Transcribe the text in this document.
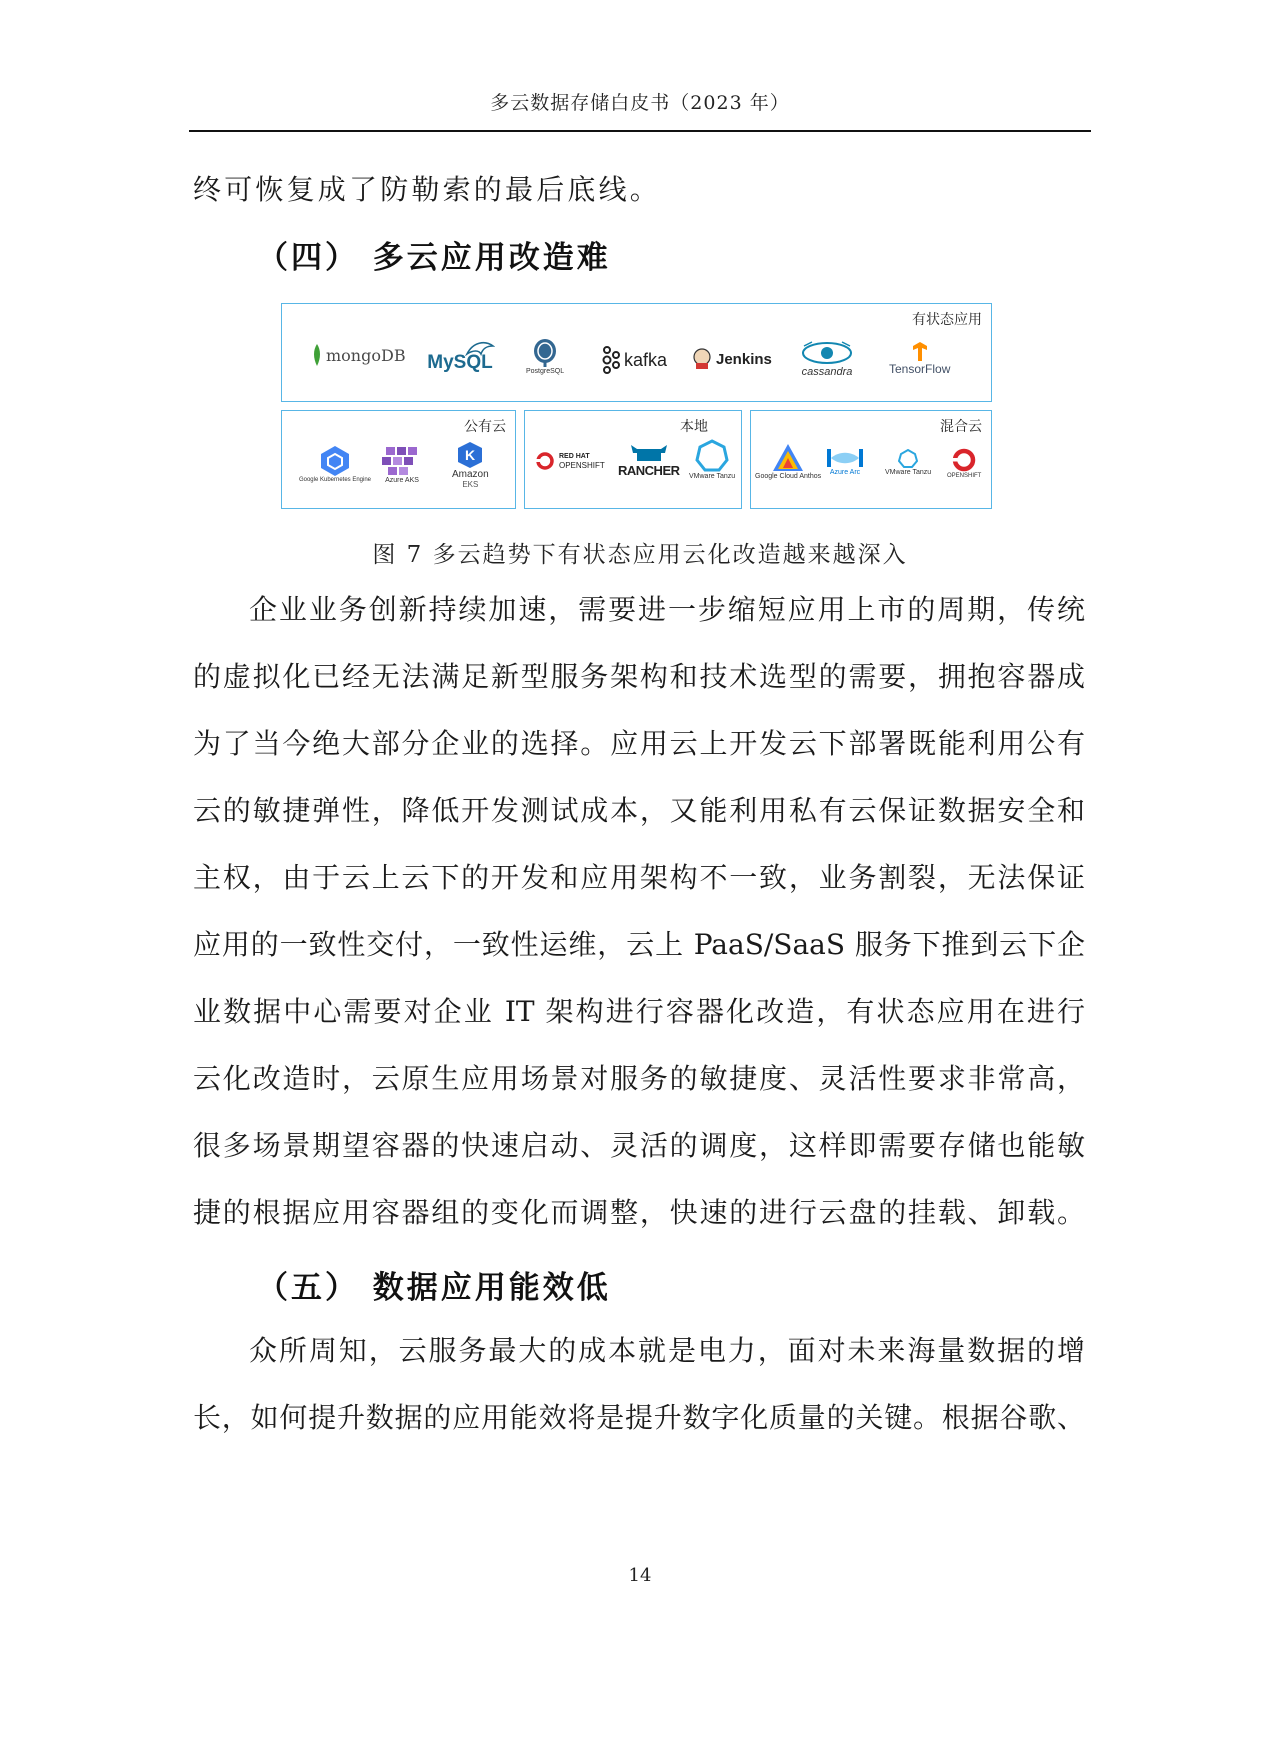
多云数据存储白皮书（2023 年）
终可恢复成了防勒索的最后底线。
（四） 多云应用改造难
有状态应用
mongoDB MySQL	PostgreSQL
kafka	Jenkins
cassandra	TensorFlow
公有云
Google Kubernetes Engine Azure AKS
K
Amazon
EKS
本地
RED HAT
OPENSHIFT RANCHER VMware Tanzu
混合云
Google Cloud Anthos
Azure Arc	VMware Tanzu	OPENSHIFT
图 7 多云趋势下有状态应用云化改造越来越深入
企业业务创新持续加速，需要进一步缩短应用上市的周期，传统
的虚拟化已经无法满足新型服务架构和技术选型的需要，拥抱容器成
为了当今绝大部分企业的选择。应用云上开发云下部署既能利用公有
云的敏捷弹性，降低开发测试成本，又能利用私有云保证数据安全和
主权，由于云上云下的开发和应用架构不一致，业务割裂，无法保证
应用的一致性交付，一致性运维，云上 PaaS/SaaS 服务下推到云下企
业数据中心需要对企业 IT 架构进行容器化改造，有状态应用在进行
云化改造时，云原生应用场景对服务的敏捷度、灵活性要求非常高，
很多场景期望容器的快速启动、灵活的调度，这样即需要存储也能敏
捷的根据应用容器组的变化而调整，快速的进行云盘的挂载、卸载。
（五） 数据应用能效低
众所周知，云服务最大的成本就是电力，面对未来海量数据的增
长，如何提升数据的应用能效将是提升数字化质量的关键。根据谷歌、
14
